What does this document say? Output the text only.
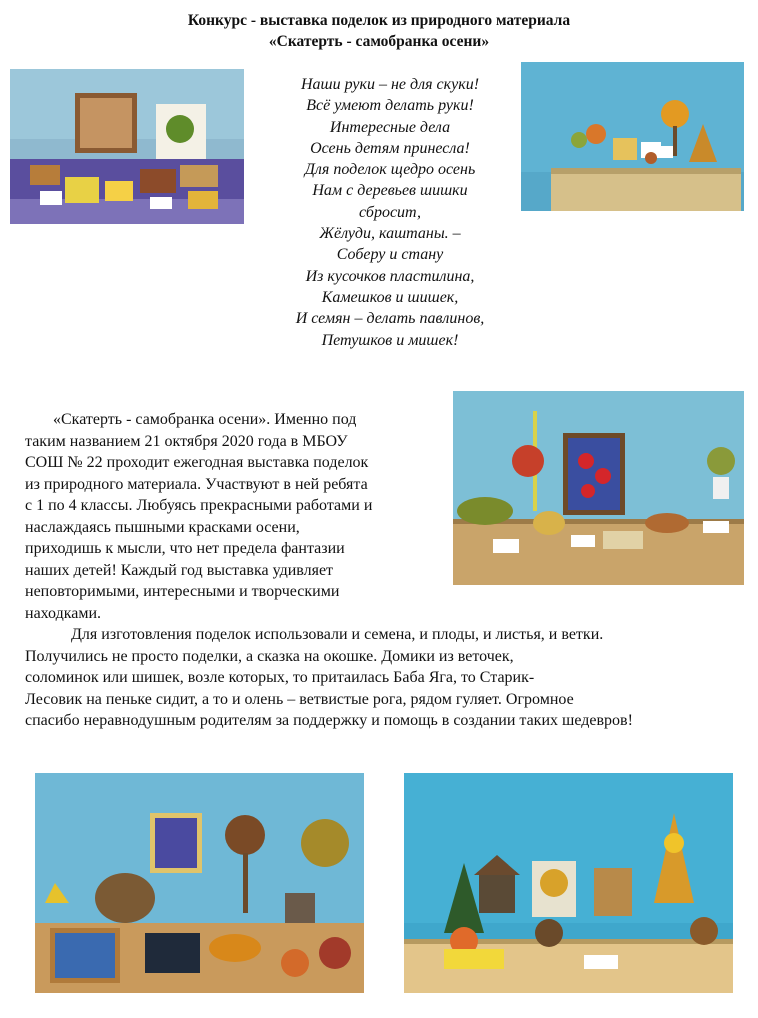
Конкурс - выставка поделок из природного материала
«Скатерть - самобранка осени»
Наши руки – не для скуки!
Всё умеют делать руки!
Интересные дела
Осень детям принесла!
Для поделок щедро осень
Нам с деревьев шишки
сбросит,
Жёлуди, каштаны. –
Соберу и стану
Из кусочков пластилина,
Камешков и шишек,
И семян – делать павлинов,
Петушков и мишек!
«Скатерть - самобранка осени». Именно под
таким названием 21 октября 2020 года в МБОУ
СОШ № 22 проходит ежегодная выставка поделок
из природного материала. Участвуют в ней ребята
с 1 по 4 классы. Любуясь прекрасными работами и
наслаждаясь пышными красками осени,
приходишь к мысли, что нет предела фантазии
наших детей! Каждый год выставка удивляет
неповторимыми, интересными и творческими
находками.
Для изготовления поделок использовали и семена, и плоды, и листья, и ветки.
Получились не просто поделки, а сказка на окошке. Домики из веточек,
соломинок или шишек, возле которых, то притаилась Баба Яга, то Старик-
Лесовик на пеньке сидит, а то и олень – ветвистые рога, рядом гуляет. Огромное
спасибо неравнодушным родителям за поддержку и помощь в создании таких шедевров!
